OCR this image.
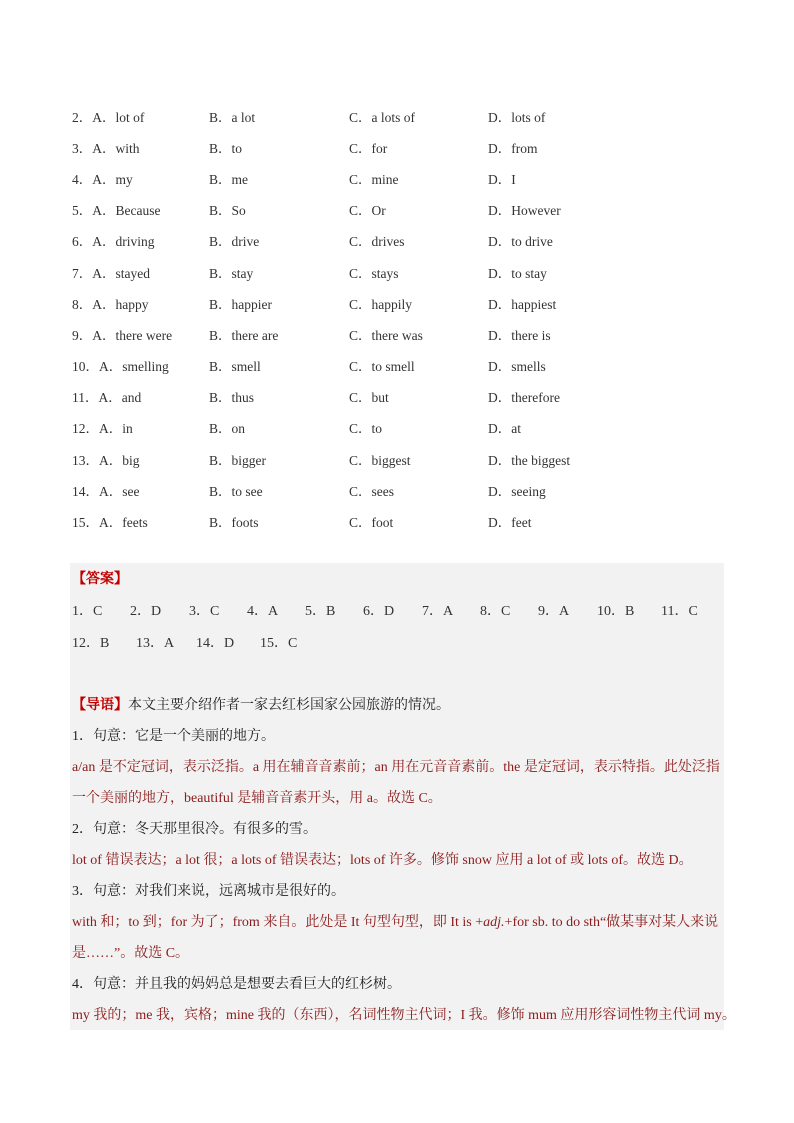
2．A．lot of	B．a lot	C．a lots of	D．lots of
3．A．with	B．to	C．for	D．from
4．A．my	B．me	C．mine	D．I
5．A．Because	B．So	C．Or	D．However
6．A．driving	B．drive	C．drives	D．to drive
7．A．stayed	B．stay	C．stays	D．to stay
8．A．happy	B．happier	C．happily	D．happiest
9．A．there were	B．there are	C．there was	D．there is
10．A．smelling	B．smell	C．to smell	D．smells
11．A．and	B．thus	C．but	D．therefore
12．A．in	B．on	C．to	D．at
13．A．big	B．bigger	C．biggest	D．the biggest
14．A．see	B．to see	C．sees	D．seeing
15．A．feets	B．foots	C．foot	D．feet
【答案】
1．C	2．D	3．C	4．A	5．B	6．D	7．A	8．C	9．A	10．B	11．C
12．B	13．A	14．D	15．C
【导语】本文主要介绍作者一家去红杉国家公园旅游的情况。
1．句意：它是一个美丽的地方。
a/an 是不定冠词，表示泛指。a 用在辅音音素前；an 用在元音音素前。the 是定冠词，表示特指。此处泛指
一个美丽的地方，beautiful 是辅音音素开头，用 a。故选 C。
2．句意：冬天那里很冷。有很多的雪。
lot of 错误表达；a lot 很；a lots of 错误表达；lots of 许多。修饰 snow 应用 a lot of 或 lots of。故选 D。
3．句意：对我们来说，远离城市是很好的。
with 和；to 到；for 为了；from 来自。此处是 It 句型句型，即 It is +adj.+for sb. to do sth“做某事对某人来说
是……”。故选 C。
4．句意：并且我的妈妈总是想要去看巨大的红杉树。
my 我的；me 我，宾格；mine 我的（东西），名词性物主代词；I 我。修饰 mum 应用形容词性物主代词 my。
